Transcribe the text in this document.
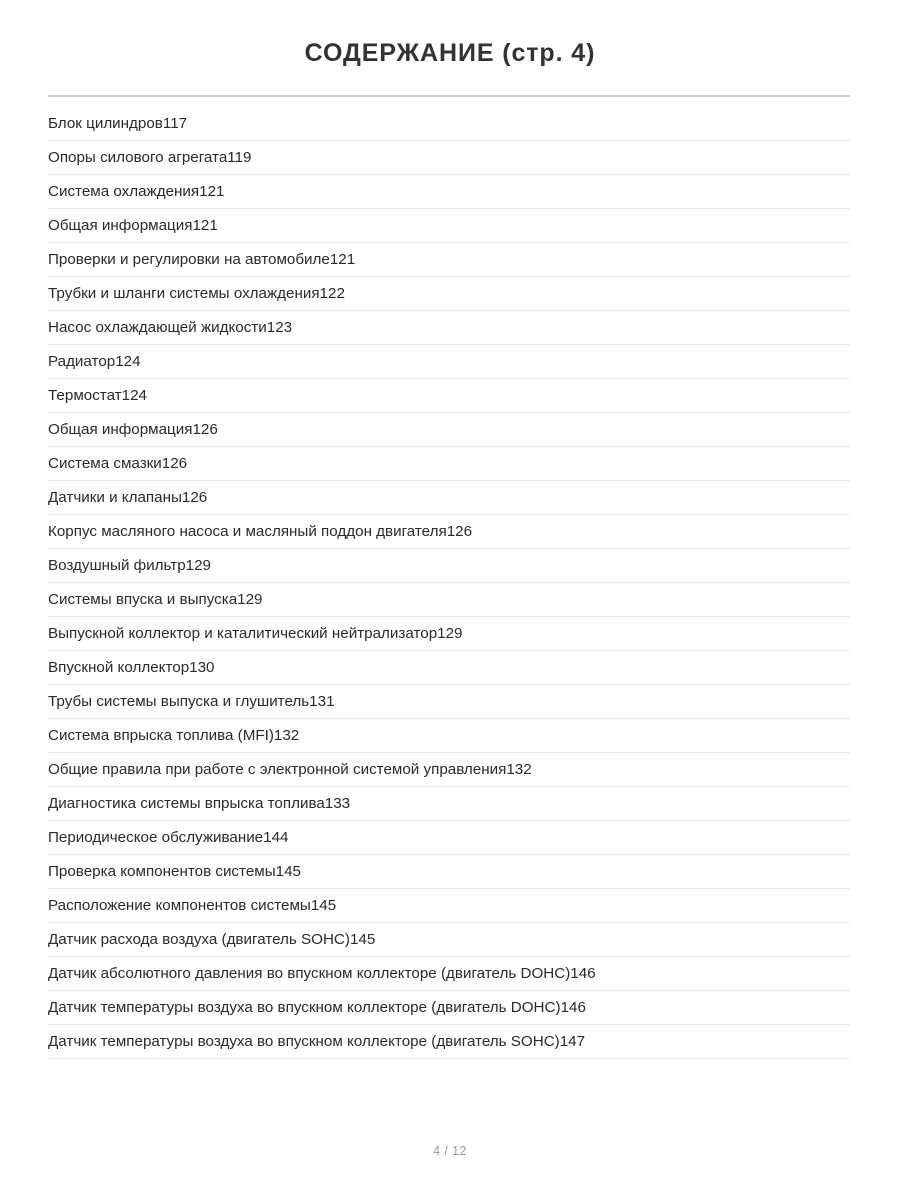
СОДЕРЖАНИЕ (стр. 4)
Блок цилиндров117
Опоры силового агрегата119
Система охлаждения121
Общая информация121
Проверки и регулировки на автомобиле121
Трубки и шланги системы охлаждения122
Насос охлаждающей жидкости123
Радиатор124
Термостат124
Общая информация126
Система смазки126
Датчики и клапаны126
Корпус масляного насоса и масляный поддон двигателя126
Воздушный фильтр129
Системы впуска и выпуска129
Выпускной коллектор и каталитический нейтрализатор129
Впускной коллектор130
Трубы системы выпуска и глушитель131
Система впрыска топлива (MFI)132
Общие правила при работе с электронной системой управления132
Диагностика системы впрыска топлива133
Периодическое обслуживание144
Проверка компонентов системы145
Расположение компонентов системы145
Датчик расхода воздуха (двигатель SOHC)145
Датчик абсолютного давления во впускном коллекторе (двигатель DOHC)146
Датчик температуры воздуха во впускном коллекторе (двигатель DOHC)146
Датчик температуры воздуха во впускном коллекторе (двигатель SOHC)147
4 / 12
